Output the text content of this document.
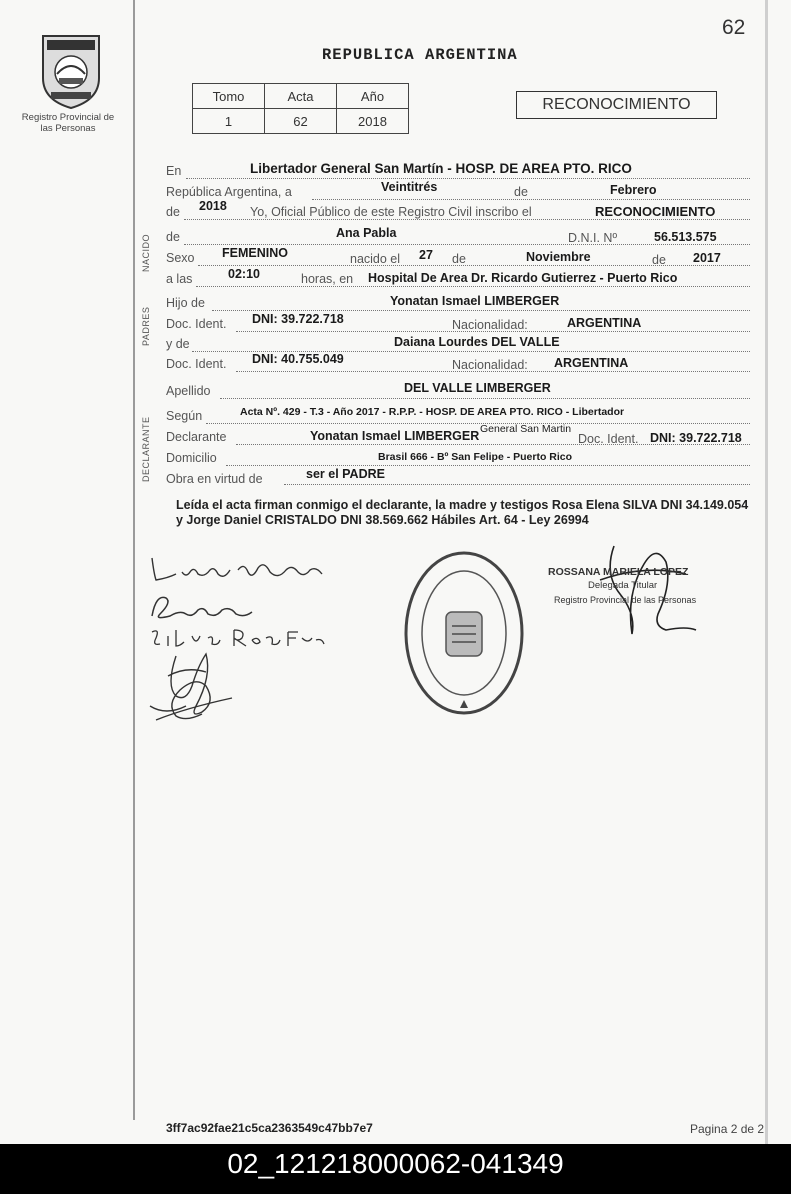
62
Registro Provincial de las Personas
REPUBLICA ARGENTINA
Tomo	Acta	Año
1	62	2018
RECONOCIMIENTO
En	Libertador General San Martín - HOSP. DE AREA PTO. RICO
República Argentina, a	Veintitrés	de	Febrero
de 2018 Yo, Oficial Público de este Registro Civil inscribo el	RECONOCIMIENTO
NACIDO de	Ana Pabla	D.N.I. Nº	56.513.575
Sexo FEMENINO	nacido el 27 de	Noviembre	de 2017
a las	02:10	horas, en Hospital De Area Dr. Ricardo Gutierrez - Puerto Rico
PADRES
Hijo de	Yonatan Ismael LIMBERGER
Doc. Ident. DNI: 39.722.718	Nacionalidad:	ARGENTINA
y de	Daiana Lourdes DEL VALLE
Doc. Ident. DNI: 40.755.049	Nacionalidad: ARGENTINA
Apellido	DEL VALLE LIMBERGER
DECLARANTE
Según	Acta Nº. 429 - T.3 - Año 2017 - R.P.P. - HOSP. DE AREA PTO. RICO - Libertador
General San Martin
Declarante	Yonatan Ismael LIMBERGER	Doc. Ident. DNI: 39.722.718
Domicilio	Brasil 666 - Bº San Felipe - Puerto Rico
Obra en virtud de	ser el PADRE
Leída el acta firman conmigo el declarante, la madre y testigos Rosa Elena SILVA DNI 34.149.054 y Jorge Daniel CRISTALDO DNI 38.569.662 Hábiles Art. 64 - Ley 26994
ROSSANA MARIELA LOPEZ
Delegada Titular
Registro Provincial de las Personas
3ff7ac92fae21c5ca2363549c47bb7e7	Pagina 2 de 2
02_121218000062-041349
